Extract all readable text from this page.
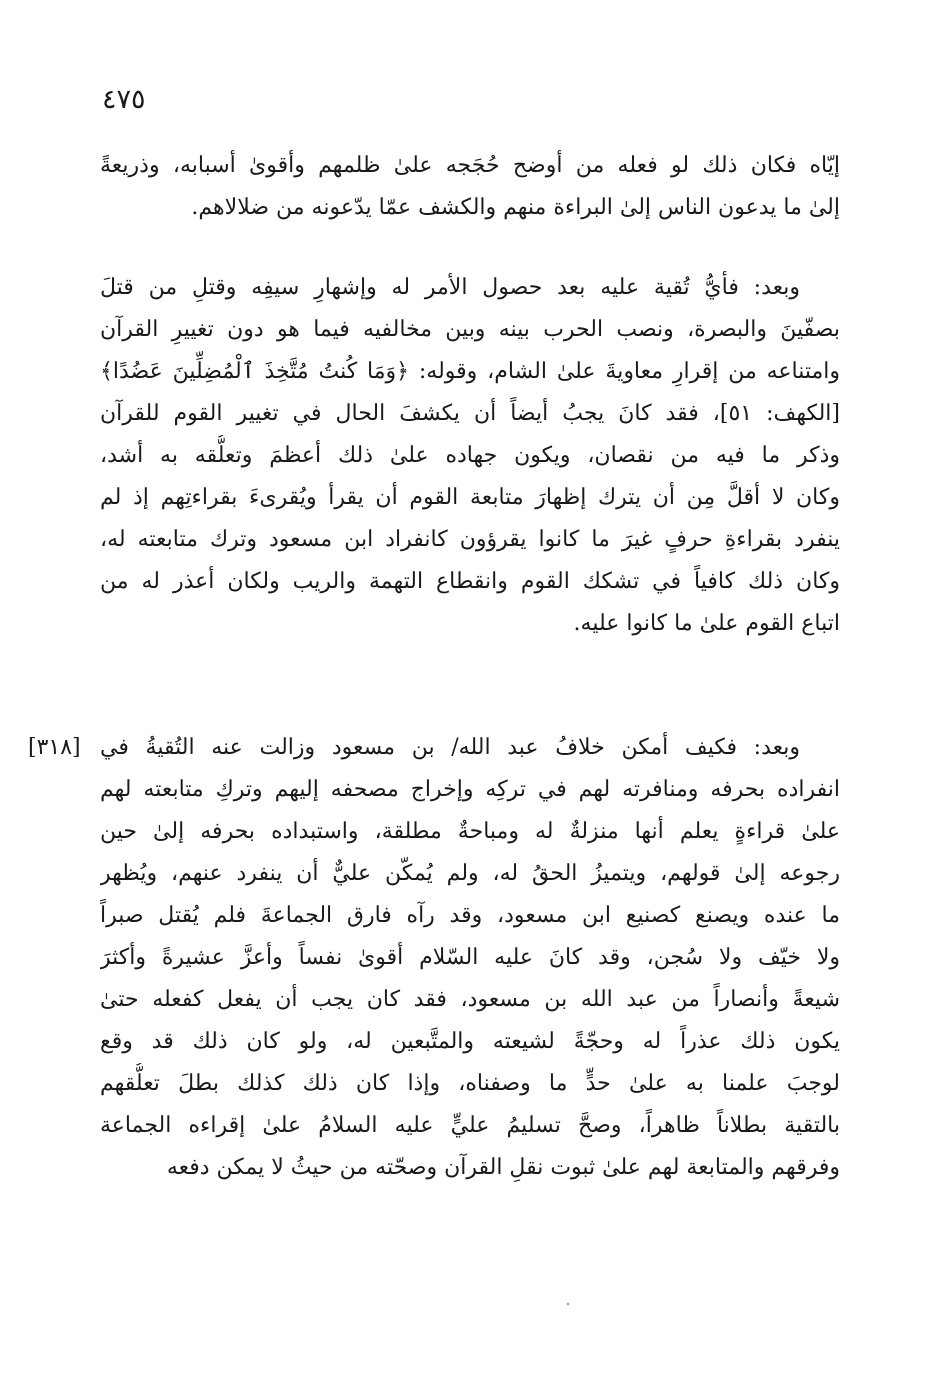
٤٧٥
[٣١٨]
إيّاه فكان ذلك لو فعله من أوضح حُجَجه علىٰ ظلمهم وأقوىٰ أسبابه، وذريعةً
إلىٰ ما يدعون الناس إلىٰ البراءة منهم والكشف عمّا يدّعونه من ضلالاهم.
وبعد: فأيُّ تُقية عليه بعد حصول الأمر له وإشهارِ سيفِه وقتلِ من قتلَ
بصفّينَ والبصرة، ونصب الحرب بينه وبين مخالفيه فيما هو دون تغييرِ القرآن
وامتناعه من إقرارِ معاويةَ علىٰ الشام، وقوله: ﴿وَمَا كُنتُ مُتَّخِذَ ٱلْمُضِلِّينَ عَضُدًا﴾
[الكهف: ٥١]، فقد كانَ يجبُ أيضاً أن يكشفَ الحال في تغيير القوم للقرآن
وذكر ما فيه من نقصان، ويكون جهاده علىٰ ذلك أعظمَ وتعلُّقه به أشد،
وكان لا أقلَّ مِن أن يترك إظهارَ متابعة القوم أن يقرأ ويُقرىءَ بقراءتِهم إذ لم
ينفرد بقراءةِ حرفٍ غيرَ ما كانوا يقرؤون كانفراد ابن مسعود وترك متابعته له،
وكان ذلك كافياً في تشكك القوم وانقطاع التهمة والريب ولكان أعذر له من
اتباع القوم علىٰ ما كانوا عليه.
وبعد: فكيف أمكن خلافُ عبد الله/ بن مسعود وزالت عنه التُقيةُ في
انفراده بحرفه ومنافرته لهم في تركِه وإخراج مصحفه إليهم وتركِ متابعته لهم
علىٰ قراءةٍ يعلم أنها منزلةٌ له ومباحةٌ مطلقة، واستبداده بحرفه إلىٰ حين
رجوعه إلىٰ قولهم، ويتميزُ الحقُ له، ولم يُمكّن عليٌّ أن ينفرد عنهم، ويُظهر
ما عنده ويصنع كصنيع ابن مسعود، وقد رآه فارق الجماعةَ فلم يُقتل صبراً
ولا خيّف ولا سُجن، وقد كانَ عليه السّلام أقوىٰ نفساً وأعزَّ عشيرةً وأكثرَ
شيعةً وأنصاراً من عبد الله بن مسعود، فقد كان يجب أن يفعل كفعله حتىٰ
يكون ذلك عذراً له وحجّةً لشيعته والمتَّبعين له، ولو كان ذلك قد وقع
لوجبَ علمنا به علىٰ حدٍّ ما وصفناه، وإذا كان ذلك كذلك بطلَ تعلُّقهم
بالتقية بطلاناً ظاهراً، وصحَّ تسليمُ عليٍّ عليه السلامُ علىٰ إقراءه الجماعة
وفرقهم والمتابعة لهم علىٰ ثبوت نقلِ القرآن وصحّته من حيثُ لا يمكن دفعه
